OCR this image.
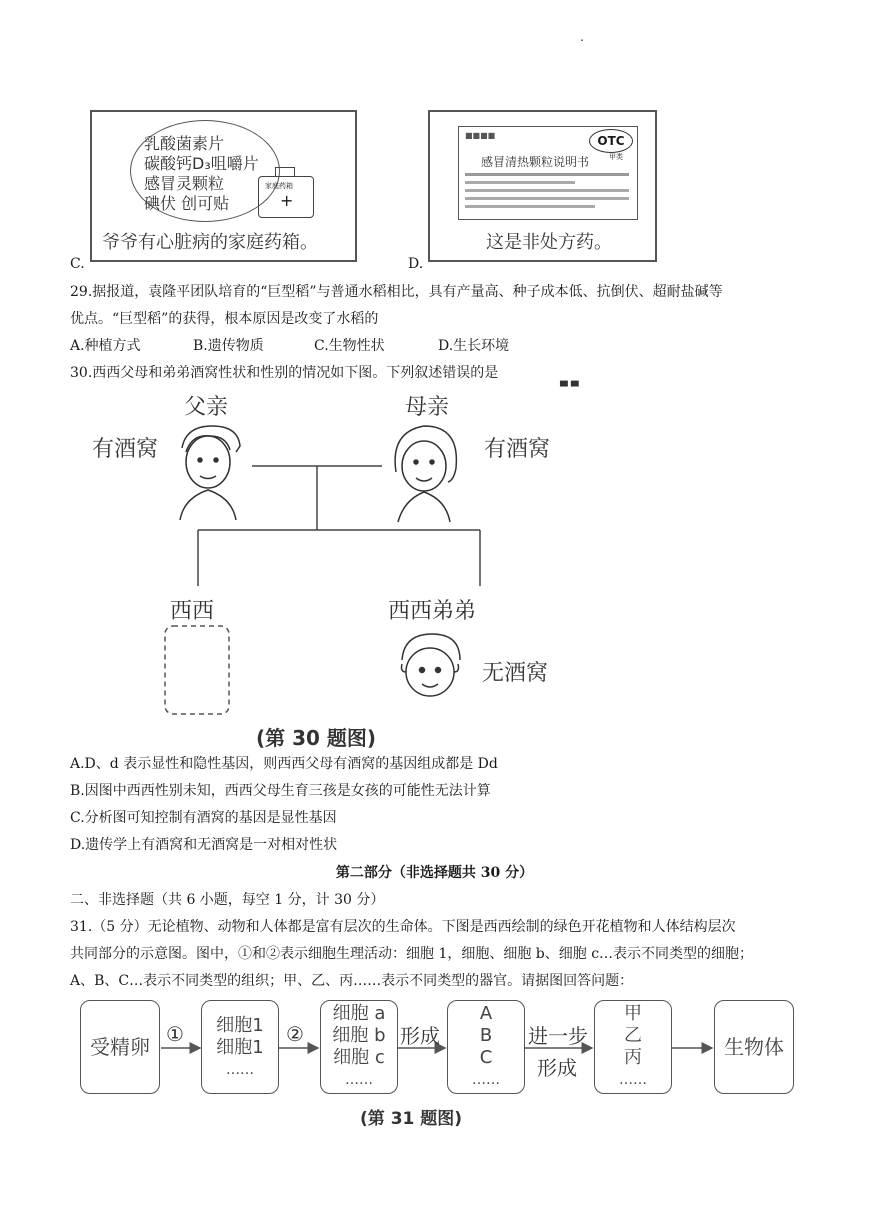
.
乳酸菌素片
碳酸钙D₃咀嚼片
感冒灵颗粒
碘伏 创可贴
家庭药箱
+
爷爷有心脏病的家庭药箱。
C.
■■■■	OTC
甲类
感冒清热颗粒说明书
这是非处方药。
D.
29.据报道，袁隆平团队培育的“巨型稻”与普通水稻相比，具有产量高、种子成本低、抗倒伏、超耐盐碱等
优点。“巨型稻”的获得，根本原因是改变了水稻的
A.种植方式	B.遗传物质	C.生物性状	D.生长环境
30.西西父母和弟弟酒窝性状和性别的情况如下图。下列叙述错误的是
▀ ▀
父亲	母亲
有酒窝	有酒窝
西西	西西弟弟
无酒窝
(第 30 题图)
A.D、d 表示显性和隐性基因，则西西父母有酒窝的基因组成都是 Dd
B.因图中西西性别未知，西西父母生育三孩是女孩的可能性无法计算
C.分析图可知控制有酒窝的基因是显性基因
D.遗传学上有酒窝和无酒窝是一对相对性状
第二部分（非选择题共 30 分）
二、非选择题（共 6 小题，每空 1 分，计 30 分）
31.（5 分）无论植物、动物和人体都是富有层次的生命体。下图是西西绘制的绿色开花植物和人体结构层次
共同部分的示意图。图中，①和②表示细胞生理活动：细胞 1，细胞、细胞 b、细胞 c…表示不同类型的细胞；
A、B、C…表示不同类型的组织；甲、乙、丙……表示不同类型的器官。请据图回答问题：
受精卵
①	细胞1
细胞1
……
②
细胞 a
细胞 b
细胞 c
……
形成
A
B
C
……
进一步
形成
甲
乙
丙
……
生物体
(第 31 题图)
